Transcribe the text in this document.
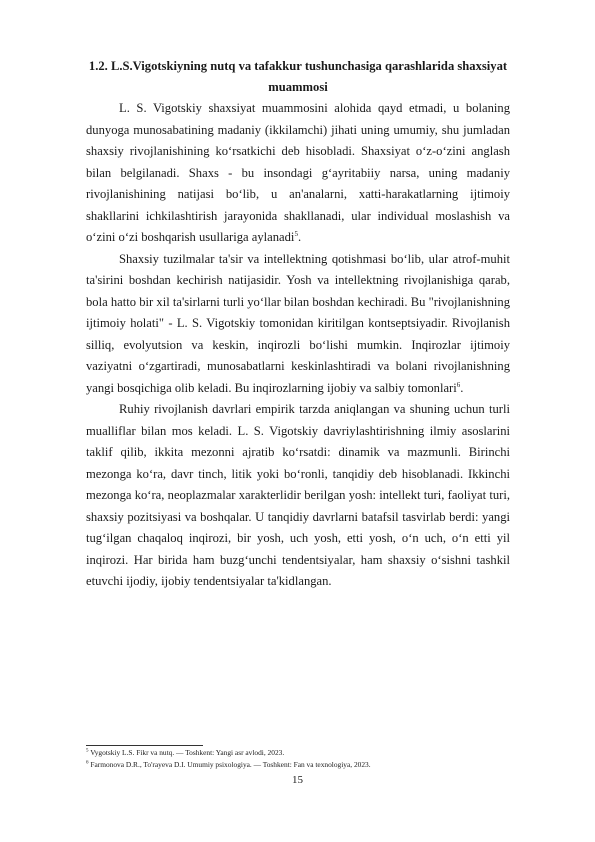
1.2. L.S.Vigotskiyning nutq va tafakkur tushunchasiga qarashlarida shaxsiyat muammosi

L. S. Vigotskiy shaxsiyat muammosini alohida qayd etmadi, u bolaning dunyoga munosabatining madaniy (ikkilamchi) jihati uning umumiy, shu jumladan shaxsiy rivojlanishining ko‘rsatkichi deb hisobladi. Shaxsiyat o‘z-o‘zini anglash bilan belgilanadi. Shaxs - bu insondagi g‘ayritabiiy narsa, uning madaniy rivojlanishining natijasi bo‘lib, u an'analarni, xatti-harakatlarning ijtimoiy shakllarini ichkilashtirish jarayonida shakllanadi, ular individual moslashish va o‘zini o‘zi boshqarish usullariga aylanadi$^5$.

Shaxsiy tuzilmalar ta'sir va intellektning qotishmasi bo‘lib, ular atrof-muhit ta'sirini boshdan kechirish natijasidir. Yosh va intellektning rivojlanishiga qarab, bola hatto bir xil ta'sirlarni turli yo‘llar bilan boshdan kechiradi. Bu "rivojlanishning ijtimoiy holati" - L. S. Vigotskiy tomonidan kiritilgan kontseptsiyadir. Rivojlanish silliq, evolyutsion va keskin, inqirozli bo‘lishi mumkin. Inqirozlar ijtimoiy vaziyatni o‘zgartiradi, munosabatlarni keskinlashtiradi va bolani rivojlanishning yangi bosqichiga olib keladi. Bu inqirozlarning ijobiy va salbiy tomonlari$^6$.

Ruhiy rivojlanish davrlari empirik tarzda aniqlangan va shuning uchun turli mualliflar bilan mos keladi. L. S. Vigotskiy davriylashtirishning ilmiy asoslarini taklif qilib, ikkita mezonni ajratib ko‘rsatdi: dinamik va mazmunli. Birinchi mezonga ko‘ra, davr tinch, litik yoki bo‘ronli, tanqidiy deb hisoblanadi. Ikkinchi mezonga ko‘ra, neoplazmalar xarakterlidir berilgan yosh: intellekt turi, faoliyat turi, shaxsiy pozitsiyasi va boshqalar. U tanqidiy davrlarni batafsil tasvirlab berdi: yangi tug‘ilgan chaqaloq inqirozi, bir yosh, uch yosh, etti yosh, o‘n uch, o‘n etti yil inqirozi. Har birida ham buzg‘unchi tendentsiyalar, ham shaxsiy o‘sishni tashkil etuvchi ijodiy, ijobiy tendentsiyalar ta'kidlangan.

$^5$ Vygotskiy L.S. Fikr va nutq. — Toshkent: Yangi asr avlodi, 2023.
$^6$ Farmonova D.R., To'rayeva D.I. Umumiy psixologiya. — Toshkent: Fan va texnologiya, 2023.
15
